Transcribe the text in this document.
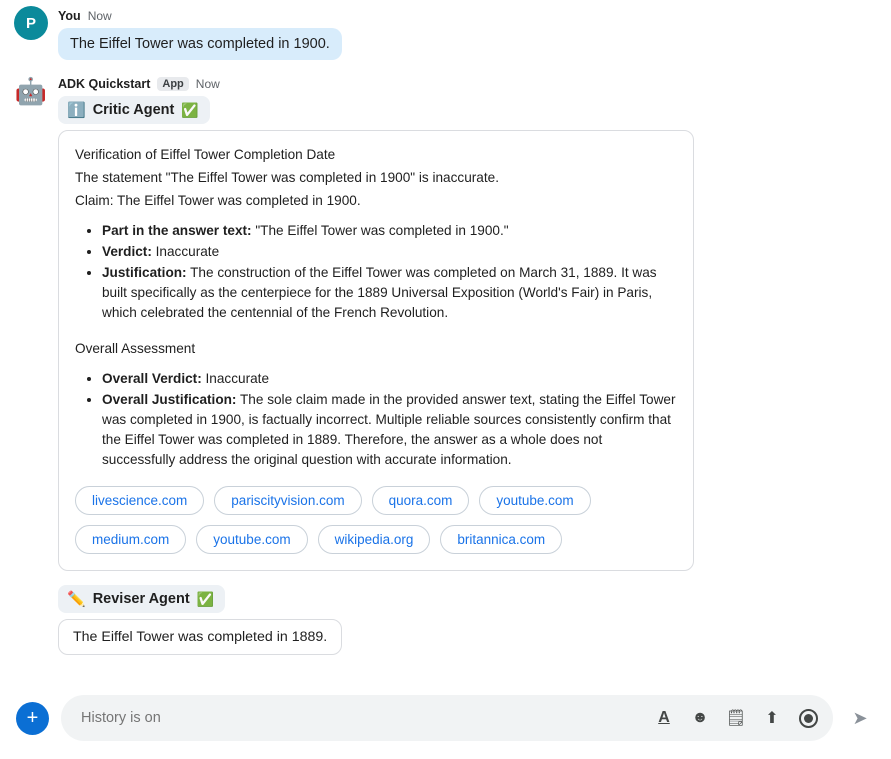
P	You Now
The Eiffel Tower was completed in 1900.
🤖 ADK Quickstart	App	Now
ℹ️ Critic Agent ✅

Verification of Eiffel Tower Completion Date

The statement "The Eiffel Tower was completed in 1900" is inaccurate.

Claim: The Eiffel Tower was completed in 1900.

• Part in the answer text: "The Eiffel Tower was completed in 1900."
• Verdict: Inaccurate
• Justification: The construction of the Eiffel Tower was completed on March 31, 1889. It was built specifically as the centerpiece for the 1889 Universal Exposition (World's Fair) in Paris, which celebrated the centennial of the French Revolution.

Overall Assessment

• Overall Verdict: Inaccurate
• Overall Justification: The sole claim made in the provided answer text, stating the Eiffel Tower was completed in 1900, is factually incorrect. Multiple reliable sources consistently confirm that the Eiffel Tower was completed in 1889. Therefore, the answer as a whole does not successfully address the original question with accurate information.
livescience.com	pariscityvision.com	quora.com	youtube.com
medium.com	youtube.com	wikipedia.org	britannica.com
✏️ Reviser Agent ✅
The Eiffel Tower was completed in 1889.
+
History is on	A	☻ 🗒 ⬆	➤
